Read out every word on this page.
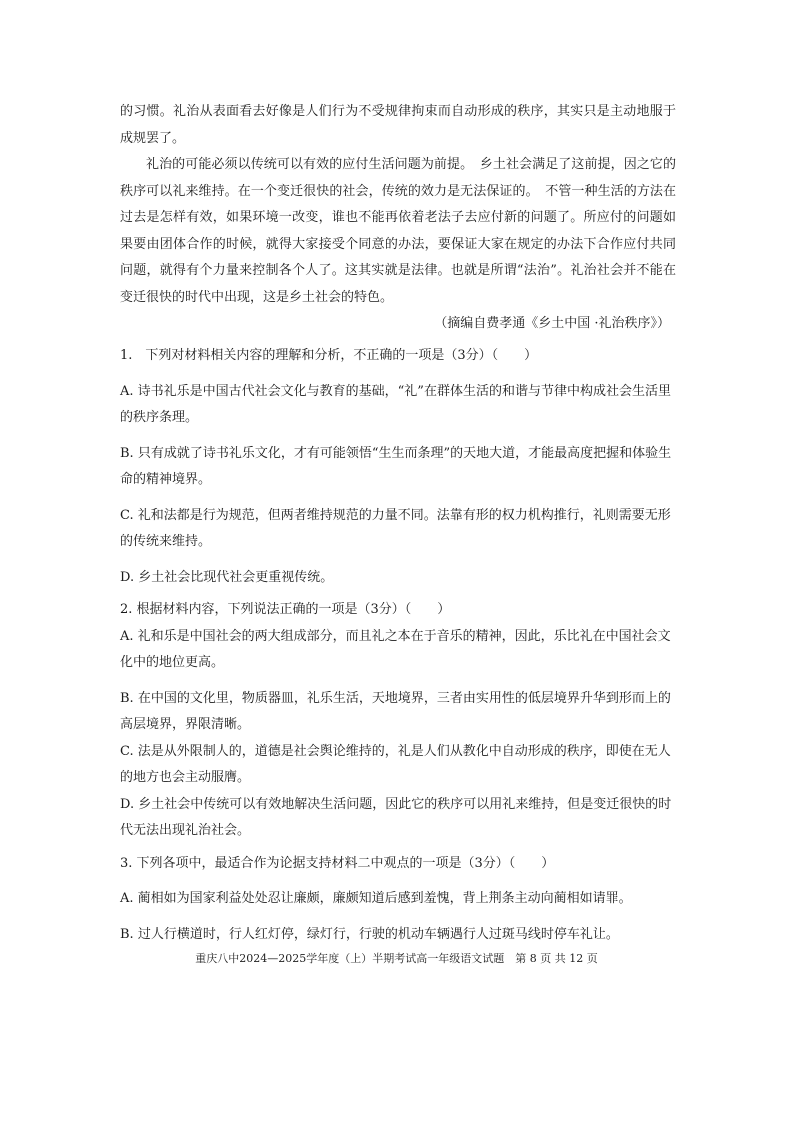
的习惯。礼治从表面看去好像是人们行为不受规律拘束而自动形成的秩序，其实只是主动地服于成规罢了。

礼治的可能必须以传统可以有效的应付生活问题为前提。　乡土社会满足了这前提，因之它的秩序可以礼来维持。在一个变迁很快的社会，传统的效力是无法保证的。　不管一种生活的方法在过去是怎样有效，如果环境一改变，谁也不能再依着老法子去应付新的问题了。所应付的问题如果要由团体合作的时候，就得大家接受个同意的办法，要保证大家在规定的办法下合作应付共同问题，就得有个力量来控制各个人了。这其实就是法律。也就是所谓“法治”。礼治社会并不能在变迁很快的时代中出现，这是乡土社会的特色。

（摘编自费孝通《乡土中国 ·礼治秩序》）

1.　下列对材料相关内容的理解和分析，不正确的一项是（3分）（　　）

A. 诗书礼乐是中国古代社会文化与教育的基础，“礼”在群体生活的和谐与节律中构成社会生活里的秩序条理。

B. 只有成就了诗书礼乐文化，才有可能领悟“生生而条理”的天地大道，才能最高度把握和体验生命的精神境界。

C. 礼和法都是行为规范，但两者维持规范的力量不同。法靠有形的权力机构推行，礼则需要无形的传统来维持。

D. 乡土社会比现代社会更重视传统。

2. 根据材料内容，下列说法正确的一项是（3分）（　　）

A. 礼和乐是中国社会的两大组成部分，而且礼之本在于音乐的精神，因此，乐比礼在中国社会文化中的地位更高。

B. 在中国的文化里，物质器皿，礼乐生活，天地境界，三者由实用性的低层境界升华到形而上的高层境界，界限清晰。

C. 法是从外限制人的，道德是社会舆论维持的，礼是人们从教化中自动形成的秩序，即使在无人的地方也会主动服膺。

D. 乡土社会中传统可以有效地解决生活问题，因此它的秩序可以用礼来维持，但是变迁很快的时代无法出现礼治社会。

3. 下列各项中，最适合作为论据支持材料二中观点的一项是（3分）（　　）

A. 蔺相如为国家利益处处忍让廉颇，廉颇知道后感到羞愧，背上荆条主动向蔺相如请罪。

B. 过人行横道时，行人红灯停，绿灯行，行驶的机动车辆遇行人过斑马线时停车礼让。

重庆八中2024—2025学年度（上）半期考试高一年级语文试题　第 8 页 共 12 页
